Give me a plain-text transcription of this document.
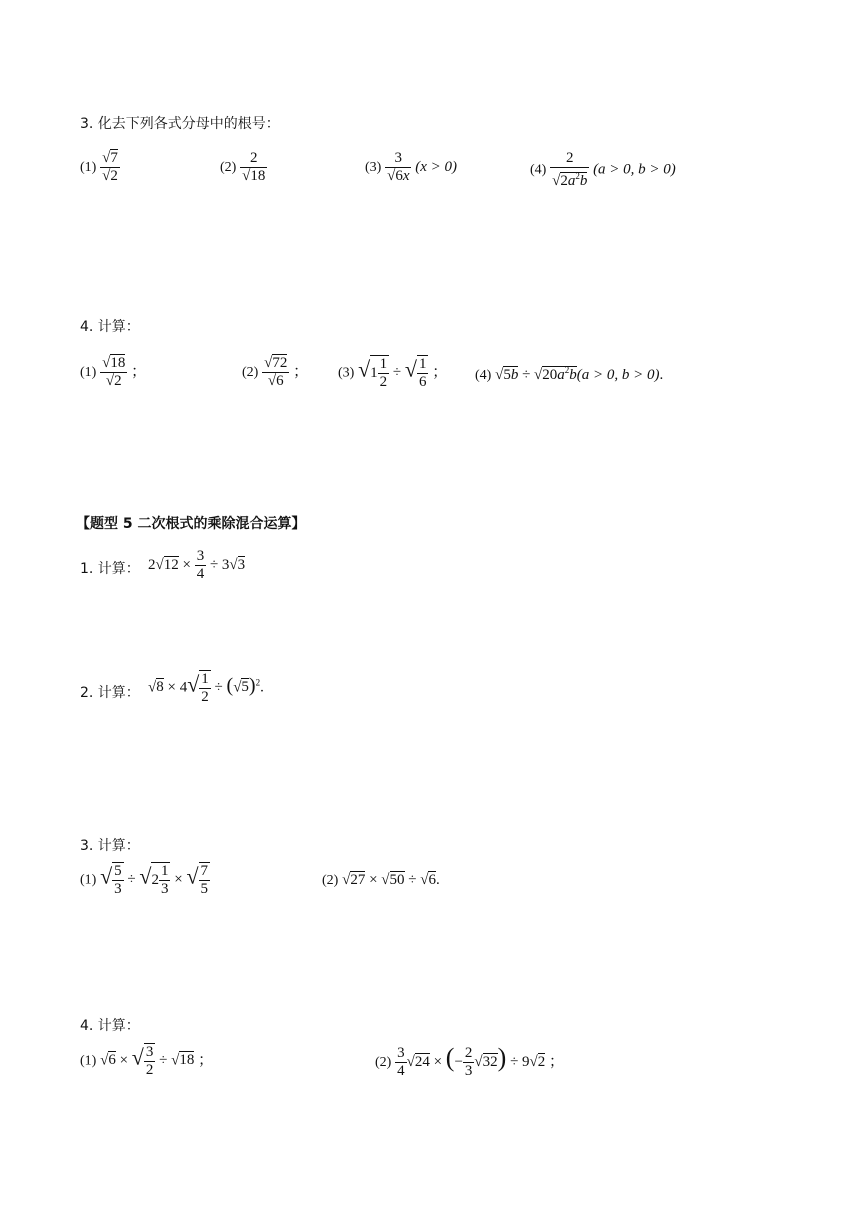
3. 化去下列各式分母中的根号：
$(1) \frac{√7}{√2}$	$(2) \frac{2}{√18}$	$(3) \frac{3}{√6x} (x > 0)$	$(4) \frac{2}{√2a^2b} (a > 0$, b > 0)
4. 计算：
$(1) \frac{√18}{√2}$ ；	$(2) \frac{√72}{√6}$ ； (3) $√1 \frac{1}{2}$ ÷ √ $\frac{1}{6}$ ； (4) $√5b \div √20a^2b(a > 0$, b > 0).
【题型 5 二次根式的乘除混合运算】
1. 计算： $2√12 \times \frac{3}{4} \div 3√3$
2. 计算： $√8 \times 4√ \frac{1}{2} \div (√5)^2$.
3. 计算：
(1) √ $\frac{5}{3} \div √2 \frac{1}{3}$ × √ $\frac{7}{5}$	(2) √27 × √50 ÷ √6.
4. 计算：
(1) √6 × √ $\frac{3}{2} \div √18$ ；	$(2) \frac{3}{4} √24$ × (− $\frac{2}{3} √32) \div 9√2$ ；
